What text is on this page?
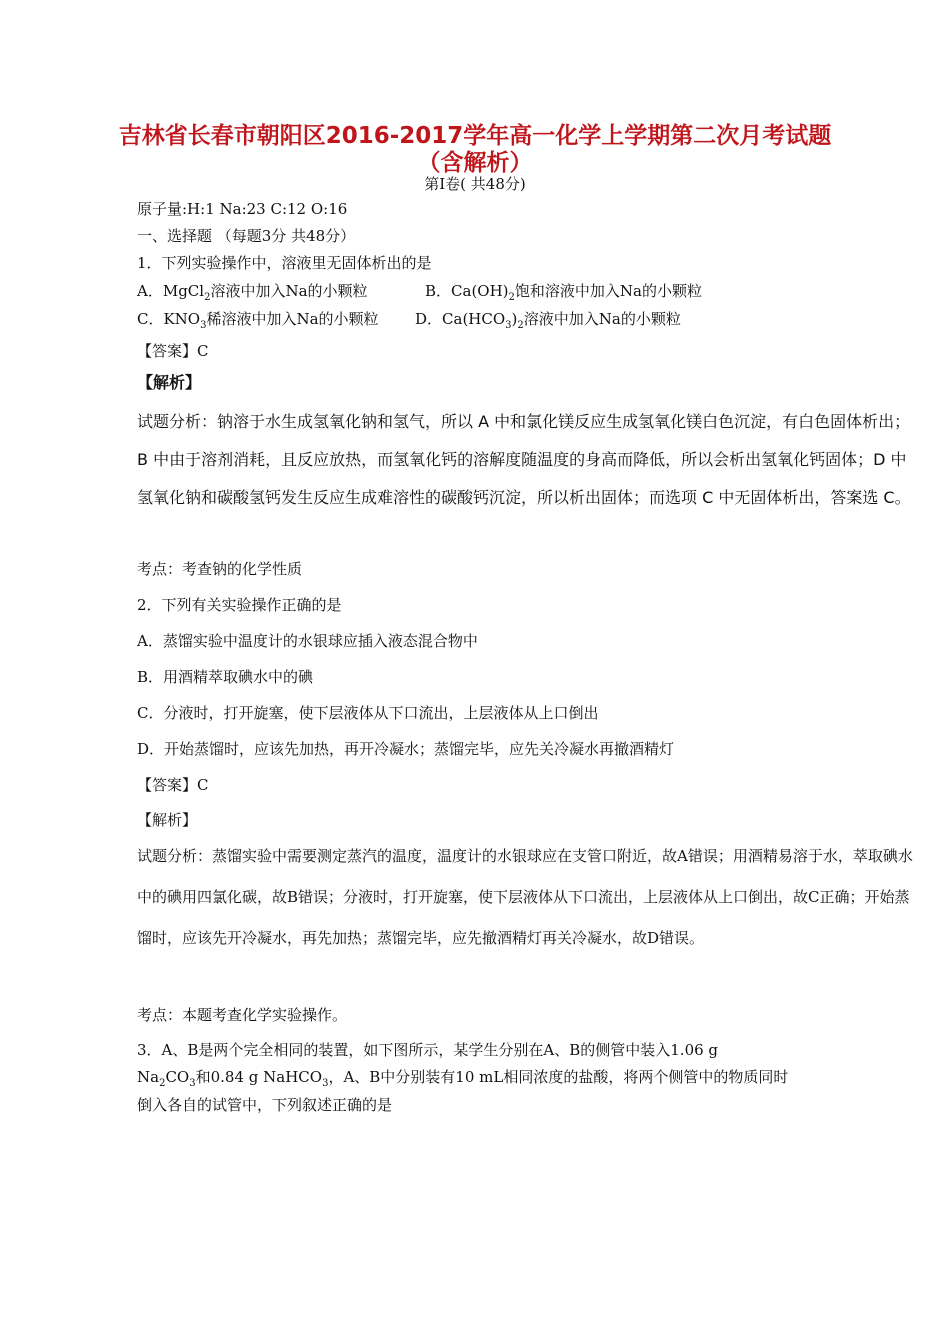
吉林省长春市朝阳区2016-2017学年高一化学上学期第二次月考试题
（含解析）
第Ⅰ卷( 共48分)
原子量:H:1 Na:23 C:12 O:16
一、选择题 （每题3分 共48分）
1．下列实验操作中，溶液里无固体析出的是
A．MgCl$_2$溶液中加入Na的小颗粒	B．$Ca(OH)_2$饱和溶液中加入Na的小颗粒
C．$KNO_3$稀溶液中加入Na的小颗粒 D．$Ca(HCO_3)_2$溶液中加入Na的小颗粒
【答案】C
【解析】
试题分析：钠溶于水生成氢氧化钠和氢气，所以 A 中和氯化镁反应生成氢氧化镁白色沉淀，有白色固体析出；B 中由于溶剂消耗，且反应放热，而氢氧化钙的溶解度随温度的身高而降低，所以会析出氢氧化钙固体；D 中氢氧化钠和碳酸氢钙发生反应生成难溶性的碳酸钙沉淀，所以析出固体；而选项 C 中无固体析出，答案选 C。
考点：考查钠的化学性质
2．下列有关实验操作正确的是
A．蒸馏实验中温度计的水银球应插入液态混合物中
B．用酒精萃取碘水中的碘
C．分液时，打开旋塞，使下层液体从下口流出，上层液体从上口倒出
D．开始蒸馏时，应该先加热，再开冷凝水；蒸馏完毕，应先关冷凝水再撤酒精灯
【答案】C
【解析】
试题分析：蒸馏实验中需要测定蒸汽的温度，温度计的水银球应在支管口附近，故A错误；用酒精易溶于水，萃取碘水中的碘用四氯化碳，故B错误；分液时，打开旋塞，使下层液体从下口流出，上层液体从上口倒出，故C正确；开始蒸馏时，应该先开冷凝水，再先加热；蒸馏完毕，应先撤酒精灯再关冷凝水，故D错误。
考点：本题考查化学实验操作。
3．A、B是两个完全相同的装置，如下图所示，某学生分别在A、B的侧管中装入1.06 g
$Na_2CO_3$和0.84 g NaHCO$_3$，A、B中分别装有10 mL相同浓度的盐酸，将两个侧管中的物质同时
倒入各自的试管中，下列叙述正确的是
